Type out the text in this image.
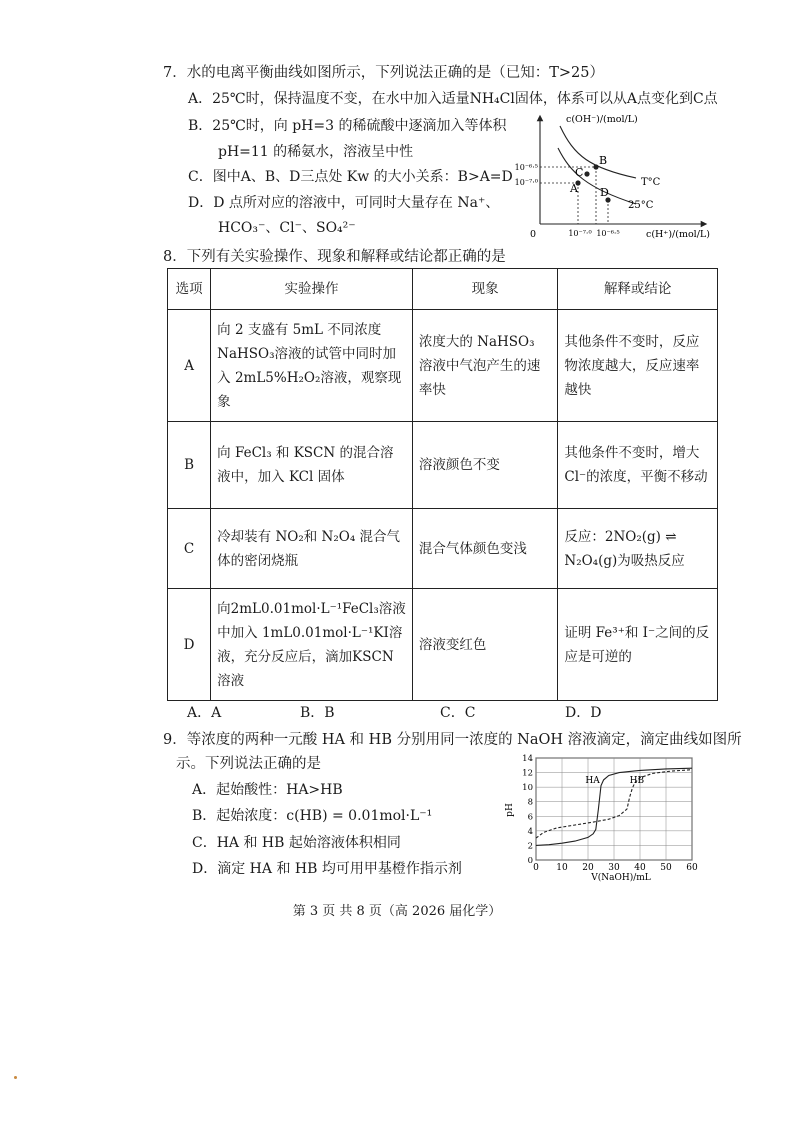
7．水的电离平衡曲线如图所示，下列说法正确的是（已知：T>25）
A．25℃时，保持温度不变，在水中加入适量NH₄Cl固体，体系可以从A点变化到C点
B．25℃时，向 pH=3 的稀硫酸中逐滴加入等体积
pH=11 的稀氨水，溶液呈中性
C．图中A、B、D三点处 Kw 的大小关系：B>A=D
D．D 点所对应的溶液中，可同时大量存在 Na⁺、
HCO₃⁻、Cl⁻、SO₄²⁻
c(OH⁻)/(mol/L)
c(H⁺)/(mol/L)
0
10⁻⁶·⁵
10⁻⁷·⁰
10⁻⁷·⁰ 10⁻⁶·⁵
A
B
C
D
T°C
25°C
8．下列有关实验操作、现象和解释或结论都正确的是
选项	实验操作	现象	解释或结论
A	向 2 支盛有 5mL 不同浓度 NaHSO₃溶液的试管中同时加入 2mL5%H₂O₂溶液，观察现象	浓度大的 NaHSO₃ 溶液中气泡产生的速率快	其他条件不变时，反应物浓度越大，反应速率越快
B	向 FeCl₃ 和 KSCN 的混合溶液中，加入 KCl 固体	溶液颜色不变	其他条件不变时，增大Cl⁻的浓度，平衡不移动
C	冷却装有 NO₂和 N₂O₄ 混合气体的密闭烧瓶	混合气体颜色变浅	反应：2NO₂(g) ⇌ N₂O₄(g)为吸热反应
D	向2mL0.01mol·L⁻¹FeCl₃溶液中加入 1mL0.01mol·L⁻¹KI溶液，充分反应后，滴加KSCN溶液	溶液变红色	证明 Fe³⁺和 I⁻之间的反应是可逆的
A．A	B．B	C．C	D．D
9．等浓度的两种一元酸 HA 和 HB 分别用同一浓度的 NaOH 溶液滴定，滴定曲线如图所
示。下列说法正确的是
A．起始酸性：HA>HB
B．起始浓度：c(HB) = 0.01mol·L⁻¹
C．HA 和 HB 起始溶液体积相同
D．滴定 HA 和 HB 均可用甲基橙作指示剂	0 10 20 30 40 50 60
0
2
4
6
8
10
12
14
HA	HB
V(NaOH)/mL
pH
第 3 页 共 8 页（高 2026 届化学）
